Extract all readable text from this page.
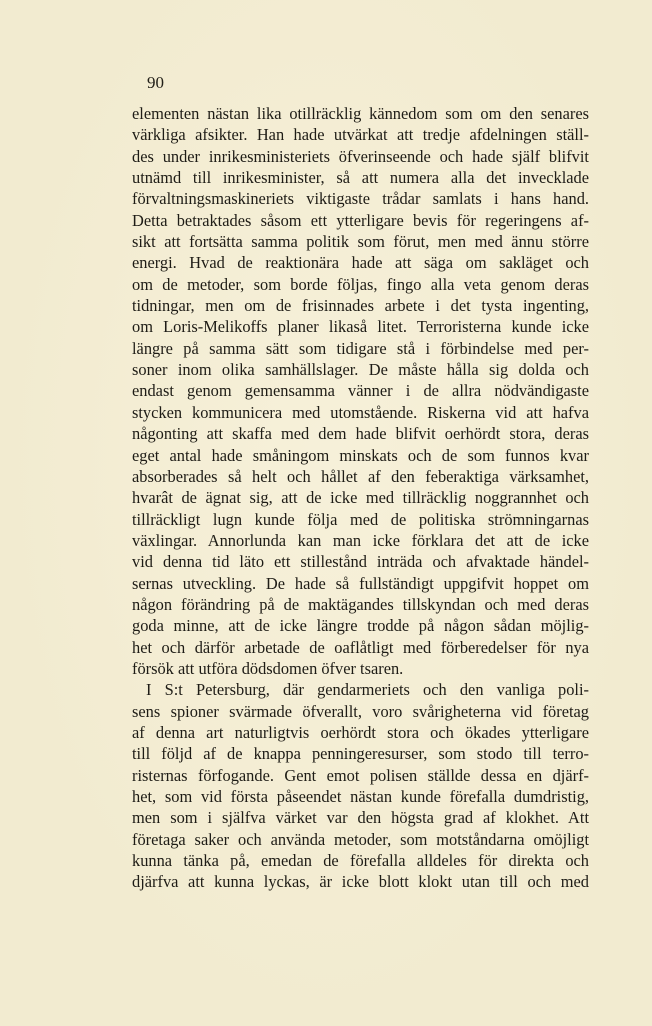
90
elementen nästan lika otillräcklig kännedom som om den senares
värkliga afsikter. Han hade utvärkat att tredje afdelningen ställ-
des under inrikesministeriets öfverinseende och hade själf blifvit
utnämd till inrikesminister, så att numera alla det invecklade
förvaltningsmaskineriets viktigaste trådar samlats i hans hand.
Detta betraktades såsom ett ytterligare bevis för regeringens af-
sikt att fortsätta samma politik som förut, men med ännu större
energi. Hvad de reaktionära hade att säga om sakläget och
om de metoder, som borde följas, fingo alla veta genom deras
tidningar, men om de frisinnades arbete i det tysta ingenting,
om Loris-Melikoffs planer likaså litet. Terroristerna kunde icke
längre på samma sätt som tidigare stå i förbindelse med per-
soner inom olika samhällslager. De måste hålla sig dolda och
endast genom gemensamma vänner i de allra nödvändigaste
stycken kommunicera med utomstående. Riskerna vid att hafva
någonting att skaffa med dem hade blifvit oerhördt stora, deras
eget antal hade småningom minskats och de som funnos kvar
absorberades så helt och hållet af den feberaktiga värksamhet,
hvarât de ägnat sig, att de icke med tillräcklig noggrannhet och
tillräckligt lugn kunde följa med de politiska strömningarnas
växlingar. Annorlunda kan man icke förklara det att de icke
vid denna tid läto ett stillestånd inträda och afvaktade händel-
sernas utveckling. De hade så fullständigt uppgifvit hoppet om
någon förändring på de maktägandes tillskyndan och med deras
goda minne, att de icke längre trodde på någon sådan möjlig-
het och därför arbetade de oaflåtligt med förberedelser för nya
försök att utföra dödsdomen öfver tsaren.
I S:t Petersburg, där gendarmeriets och den vanliga poli-
sens spioner svärmade öfverallt, voro svårigheterna vid företag
af denna art naturligtvis oerhördt stora och ökades ytterligare
till följd af de knappa penningeresurser, som stodo till terro-
risternas förfogande. Gent emot polisen ställde dessa en djärf-
het, som vid första påseendet nästan kunde förefalla dumdristig,
men som i själfva värket var den högsta grad af klokhet. Att
företaga saker och använda metoder, som motståndarna omöjligt
kunna tänka på, emedan de förefalla alldeles för direkta och
djärfva att kunna lyckas, är icke blott klokt utan till och med
